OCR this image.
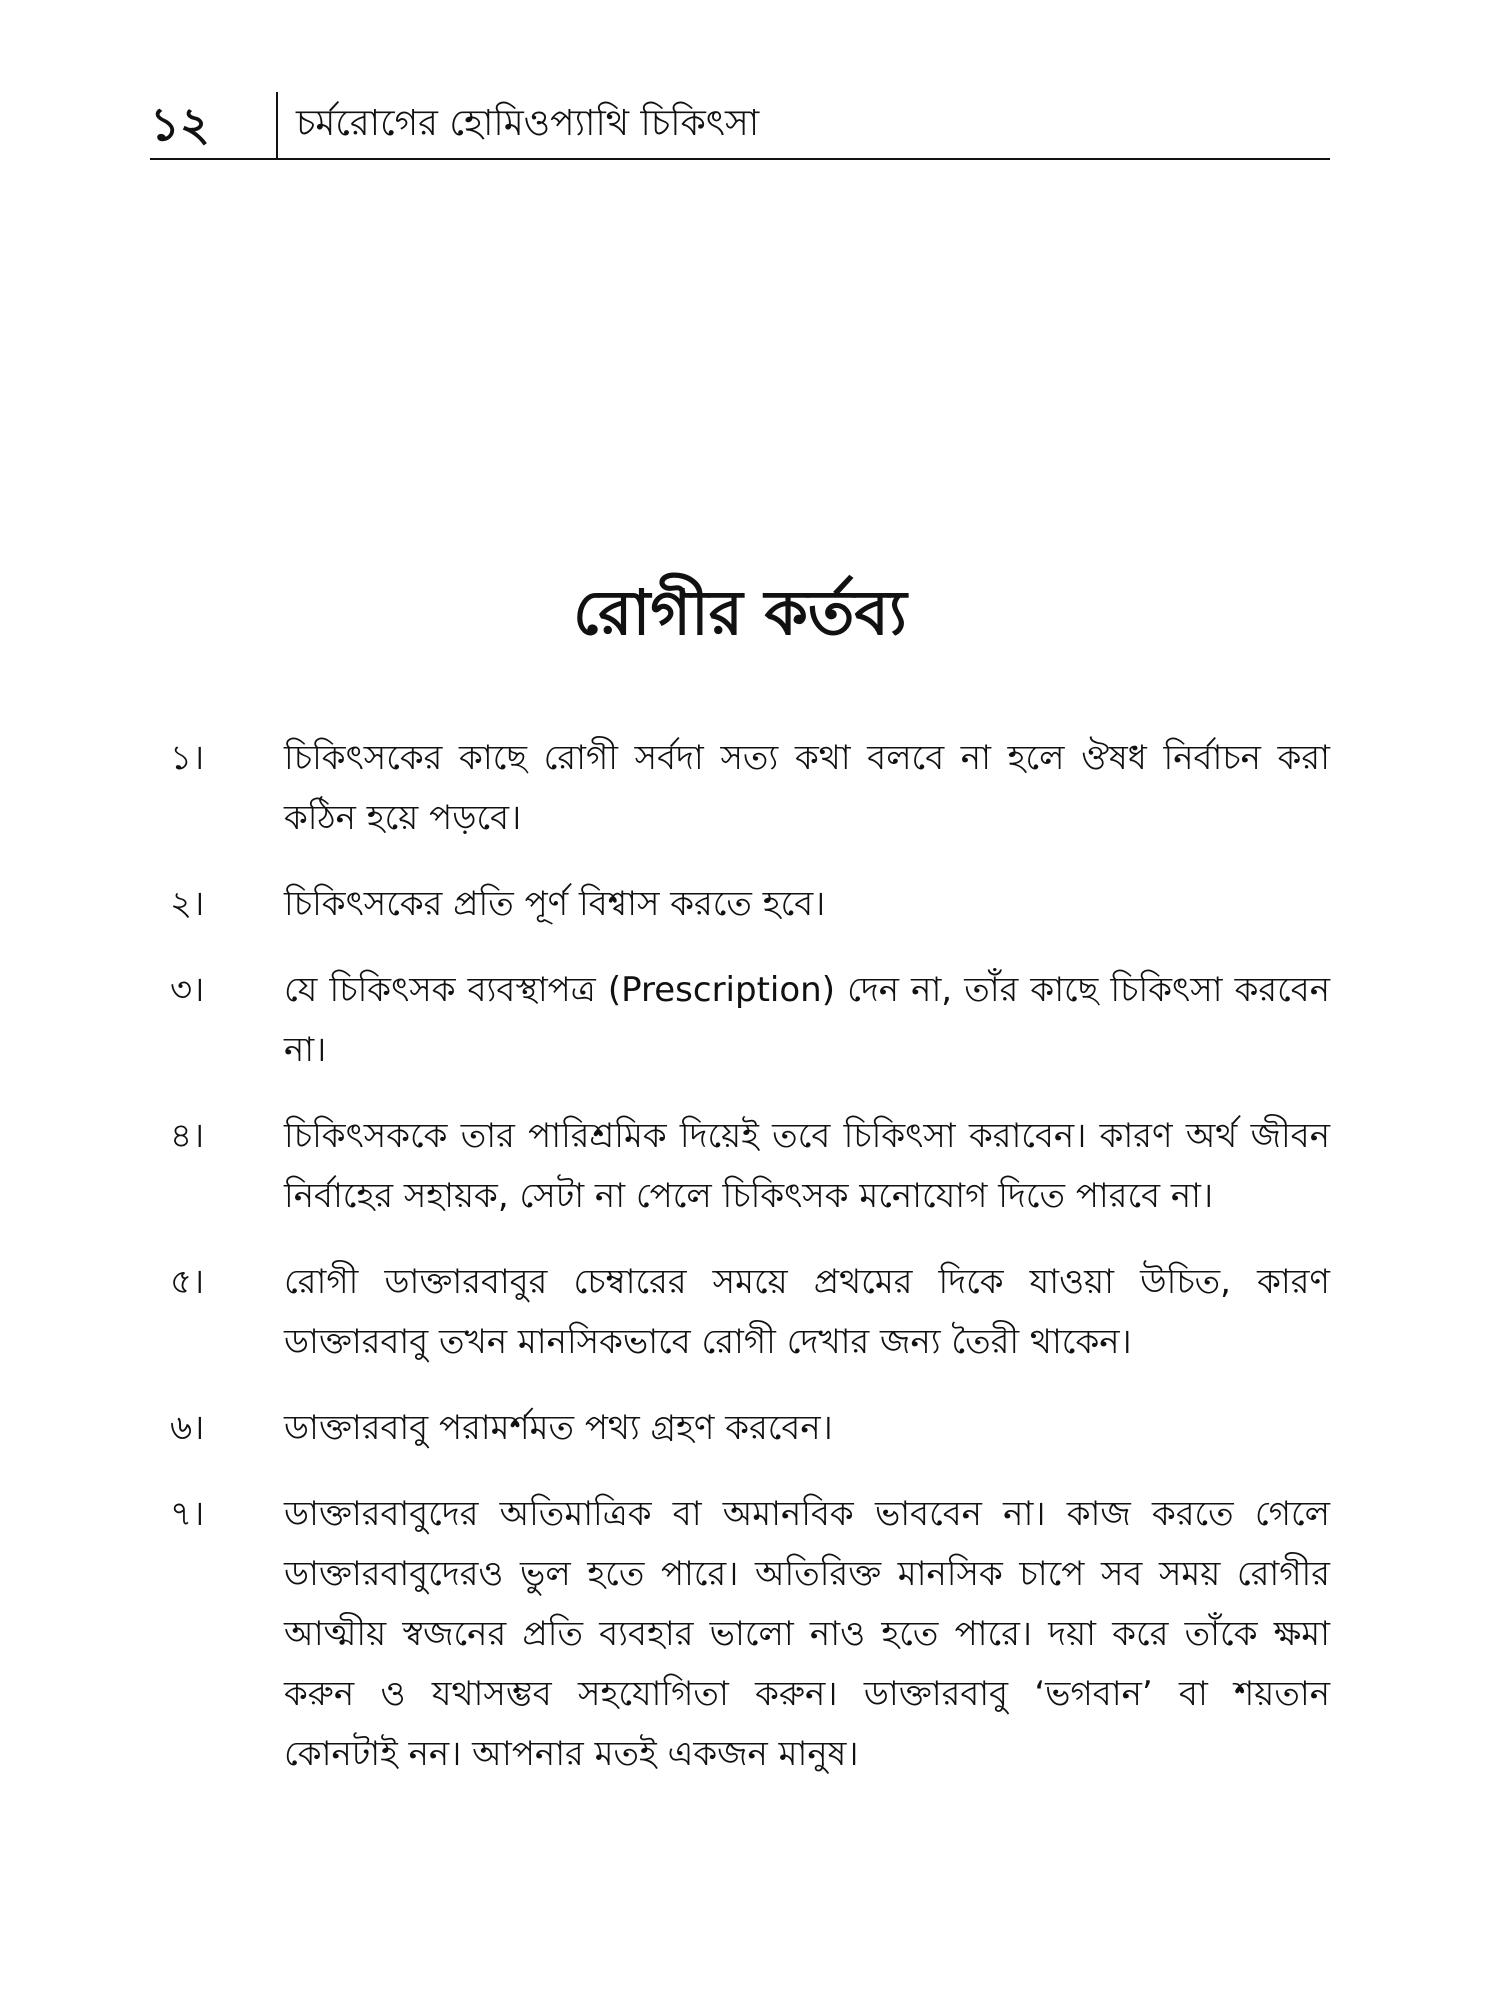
১২ চর্মরোগের হোমিওপ্যাথি চিকিৎসা
রোগীর কর্তব্য
১।	চিকিৎসকের কাছে রোগী সর্বদা সত্য কথা বলবে না হলে ঔষধ নির্বাচন করা কঠিন হয়ে পড়বে।
২।	চিকিৎসকের প্রতি পূর্ণ বিশ্বাস করতে হবে।
৩।	যে চিকিৎসক ব্যবস্থাপত্র (Prescription) দেন না, তাঁর কাছে চিকিৎসা করবেন না।
৪।	চিকিৎসককে তার পারিশ্রমিক দিয়েই তবে চিকিৎসা করাবেন। কারণ অর্থ জীবন নির্বাহের সহায়ক, সেটা না পেলে চিকিৎসক মনোযোগ দিতে পারবে না।
৫।	রোগী ডাক্তারবাবুর চেম্বারের সময়ে প্রথমের দিকে যাওয়া উচিত, কারণ ডাক্তারবাবু তখন মানসিকভাবে রোগী দেখার জন্য তৈরী থাকেন।
৬।	ডাক্তারবাবু পরামর্শমত পথ্য গ্রহণ করবেন।
৭।	ডাক্তারবাবুদের অতিমাত্রিক বা অমানবিক ভাববেন না। কাজ করতে গেলে ডাক্তারবাবুদেরও ভুল হতে পারে। অতিরিক্ত মানসিক চাপে সব সময় রোগীর আত্মীয় স্বজনের প্রতি ব্যবহার ভালো নাও হতে পারে। দয়া করে তাঁকে ক্ষমা করুন ও যথাসম্ভব সহযোগিতা করুন। ডাক্তারবাবু ‘ভগবান’ বা শয়তান কোনটাই নন। আপনার মতই একজন মানুষ।
